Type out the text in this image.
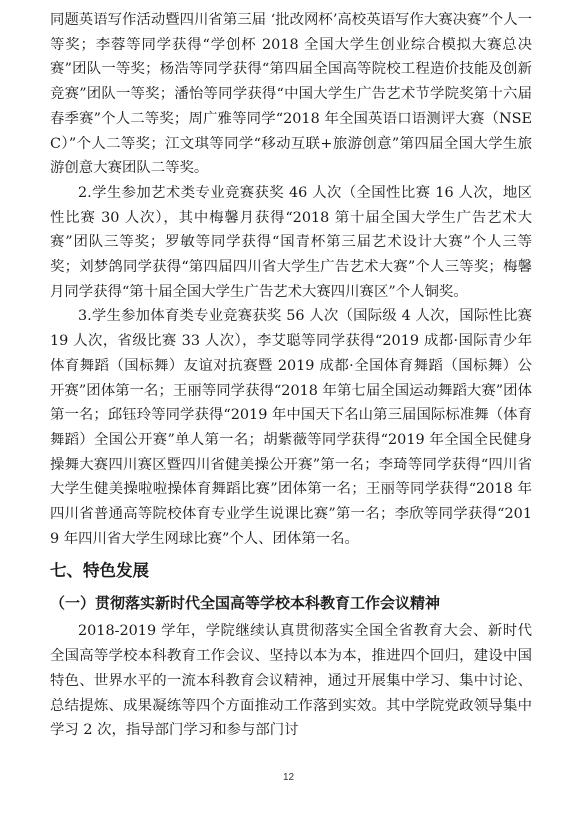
同题英语写作活动暨四川省第三届 ‘批改网杯’高校英语写作大赛决赛”个人一等奖；李蓉等同学获得“学创杯 2018 全国大学生创业综合模拟大赛总决赛”团队一等奖；杨浩等同学获得“第四届全国高等院校工程造价技能及创新竞赛”团队一等奖；潘怡等同学获得“中国大学生广告艺术节学院奖第十六届春季赛”个人二等奖；周广雅等同学“2018 年全国英语口语测评大赛（NSEC）”个人二等奖；江文琪等同学“移动互联+旅游创意”第四届全国大学生旅游创意大赛团队二等奖。

2.学生参加艺术类专业竞赛获奖 46 人次（全国性比赛 16 人次，地区性比赛 30 人次），其中梅馨月获得“2018 第十届全国大学生广告艺术大赛”团队三等奖；罗敏等同学获得“国青杯第三届艺术设计大赛”个人三等奖；刘梦鸽同学获得“第四届四川省大学生广告艺术大赛”个人三等奖；梅馨月同学获得“第十届全国大学生广告艺术大赛四川赛区”个人铜奖。

3.学生参加体育类专业竞赛获奖 56 人次（国际级 4 人次，国际性比赛 19 人次，省级比赛 33 人次），李艾聪等同学获得“2019 成都·国际青少年体育舞蹈（国标舞）友谊对抗赛暨 2019 成都·全国体育舞蹈（国标舞）公开赛”团体第一名；王丽等同学获得“2018 年第七届全国运动舞蹈大赛”团体第一名；邱钰玲等同学获得“2019 年中国天下名山第三届国际标准舞（体育舞蹈）全国公开赛”单人第一名；胡紫薇等同学获得“2019 年全国全民健身操舞大赛四川赛区暨四川省健美操公开赛”第一名；李琦等同学获得“四川省大学生健美操啦啦操体育舞蹈比赛”团体第一名；王丽等同学获得“2018 年四川省普通高等院校体育专业学生说课比赛”第一名；李欣等同学获得“2019 年四川省大学生网球比赛”个人、团体第一名。

七、特色发展
（一）贯彻落实新时代全国高等学校本科教育工作会议精神

2018-2019 学年，学院继续认真贯彻落实全国全省教育大会、新时代全国高等学校本科教育工作会议、坚持以本为本，推进四个回归，建设中国特色、世界水平的一流本科教育会议精神，通过开展集中学习、集中讨论、总结提炼、成果凝练等四个方面推动工作落到实效。其中学院党政领导集中学习 2 次，指导部门学习和参与部门讨

12
